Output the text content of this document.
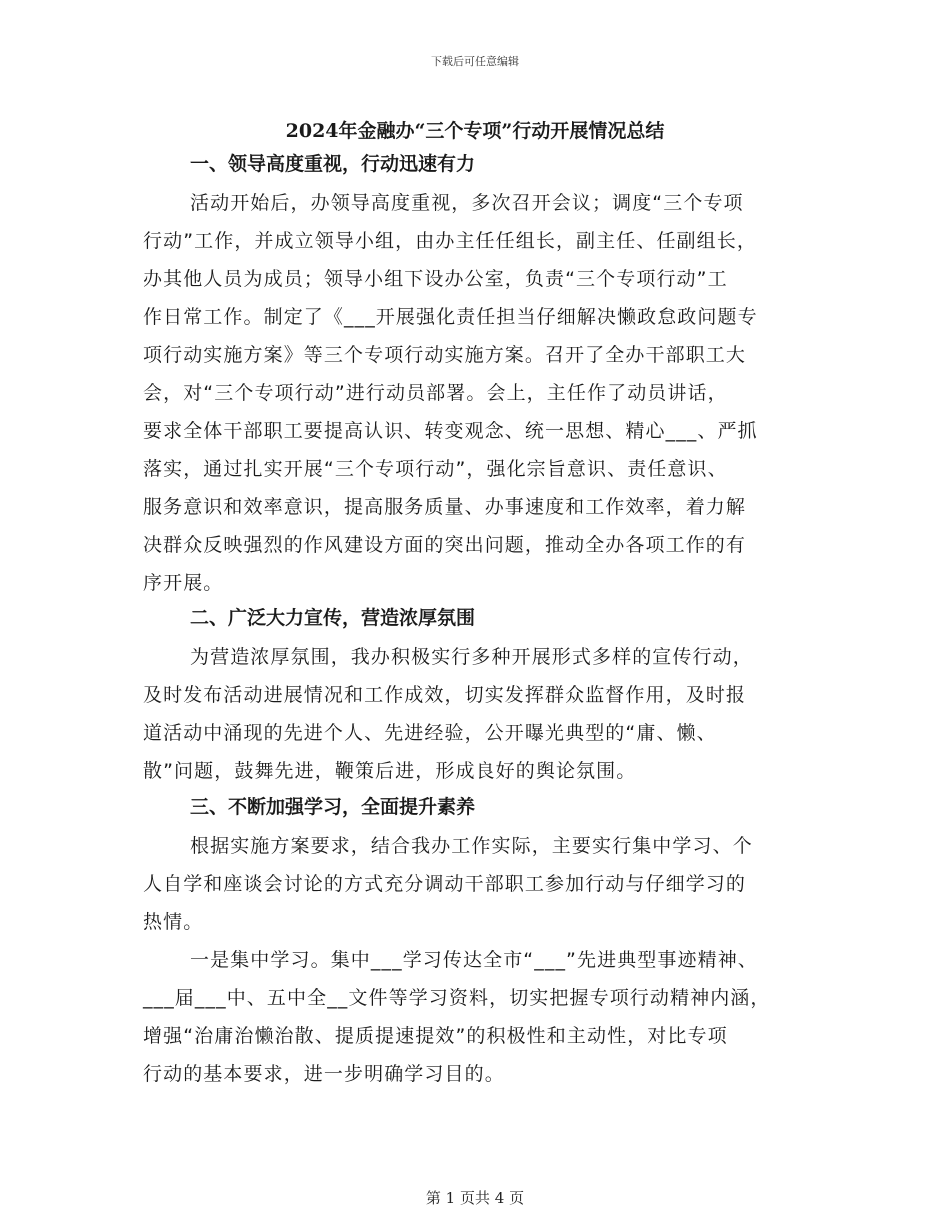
下载后可任意编辑
2024年金融办“三个专项”行动开展情况总结
一、领导高度重视，行动迅速有力
活动开始后，办领导高度重视，多次召开会议；调度“三个专项
行动”工作，并成立领导小组，由办主任任组长，副主任、任副组长，
办其他人员为成员；领导小组下设办公室，负责“三个专项行动”工
作日常工作。制定了《___开展强化责任担当仔细解决懒政怠政问题专
项行动实施方案》等三个专项行动实施方案。召开了全办干部职工大
会，对“三个专项行动”进行动员部署。会上，主任作了动员讲话，
要求全体干部职工要提高认识、转变观念、统一思想、精心___、严抓
落实，通过扎实开展“三个专项行动”，强化宗旨意识、责任意识、
服务意识和效率意识，提高服务质量、办事速度和工作效率，着力解
决群众反映强烈的作风建设方面的突出问题，推动全办各项工作的有
序开展。
二、广泛大力宣传，营造浓厚氛围
为营造浓厚氛围，我办积极实行多种开展形式多样的宣传行动，
及时发布活动进展情况和工作成效，切实发挥群众监督作用，及时报
道活动中涌现的先进个人、先进经验，公开曝光典型的“庸、懒、
散”问题，鼓舞先进，鞭策后进，形成良好的舆论氛围。
三、不断加强学习，全面提升素养
根据实施方案要求，结合我办工作实际，主要实行集中学习、个
人自学和座谈会讨论的方式充分调动干部职工参加行动与仔细学习的
热情。
一是集中学习。集中___学习传达全市“___”先进典型事迹精神、
___届___中、五中全__文件等学习资料，切实把握专项行动精神内涵，
增强“治庸治懒治散、提质提速提效”的积极性和主动性，对比专项
行动的基本要求，进一步明确学习目的。
第 1 页共 4 页
